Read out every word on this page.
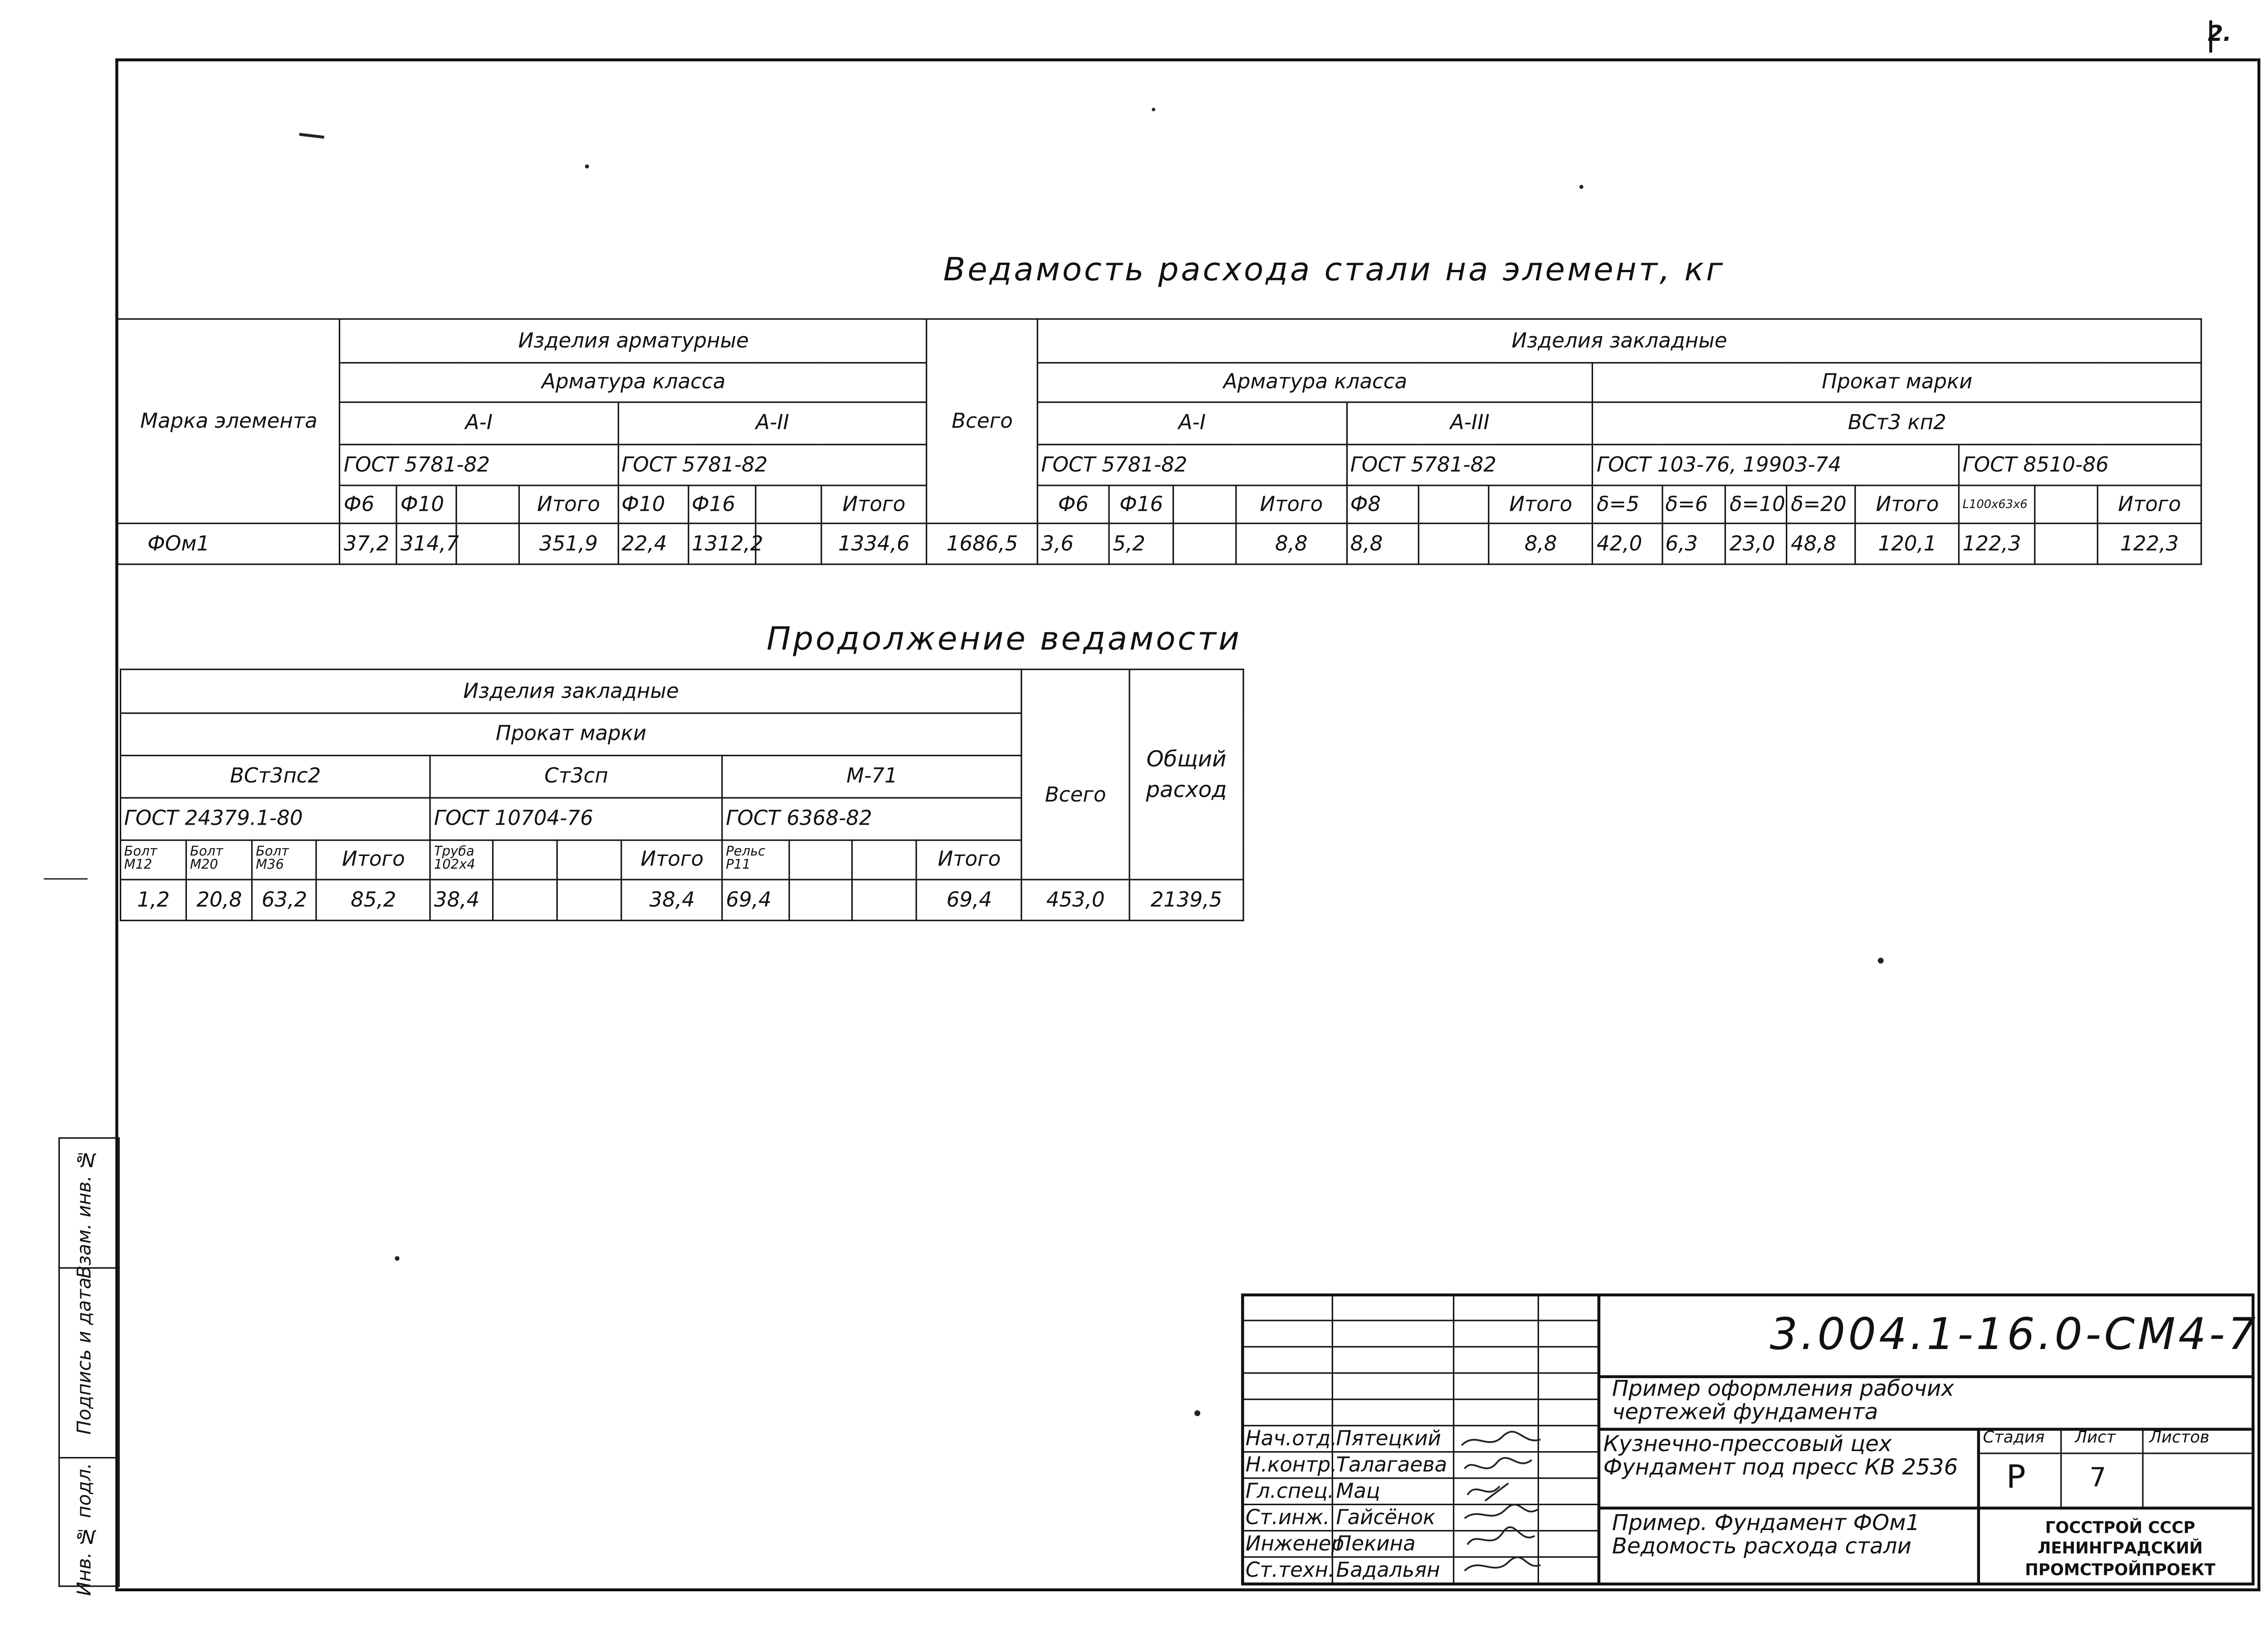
2.
Ведамость расхода стали на элемент, кг
Марка элемента	Изделия арматурные								Всего	Изделия закладные														
	Арматура класса									Арматура класса							Прокат марки							
	А-I				А-II					А-I				А-III			ВСт3 кп2							
	ГОСТ 5781-82				ГОСТ 5781-82					ГОСТ 5781-82				ГОСТ 5781-82			ГОСТ 103-76, 19903-74					ГОСТ 8510-86		
	Ф6	Ф10		Итого	Ф10	Ф16		Итого		Ф6	Ф16		Итого	Ф8		Итого	δ=5	δ=6	δ=10	δ=20	Итого	L100х63х6		Итого
ФОм1	37,2	314,7		351,9	22,4	1312,2		1334,6	1686,5	3,6	5,2		8,8	8,8		8,8	42,0	6,3	23,0	48,8	120,1	122,3		122,3
Продолжение ведамости
Изделия закладные													Общий расход
Прокат марки												Всего	
ВСт3пс2				Ст3сп				М-71					
ГОСТ 24379.1-80				ГОСТ 10704-76				ГОСТ 6368-82					
Болт М12	Болт М20	Болт М36	Итого	Труба 102х4			Итого	Рельс Р11			Итого		
1,2	20,8	63,2	85,2	38,4			38,4	69,4			69,4	453,0	2139,5
Взам. инв. №
Подпись и дата
Инв. № подл.

Нач.отд.	Пятецкий		
Н.контр.	Талагаева		
Гл.спец.	Мац		
Ст.инж.	Гайсёнок		
Инженер	Пекина		
Ст.техн.	Бадальян		
3.004.1-16.0-СМ4-7
Пример оформления рабочих чертежей фундамента
Кузнечно-прессовый цех Фундамент под пресс КВ 2536
Пример. Фундамент ФОм1 Ведомость расхода стали
Стадия	Лист	Листов
Р	7
ГОССТРОЙ СССР ЛЕНИНГРАДСКИЙ ПРОМСТРОЙПРОЕКТ
